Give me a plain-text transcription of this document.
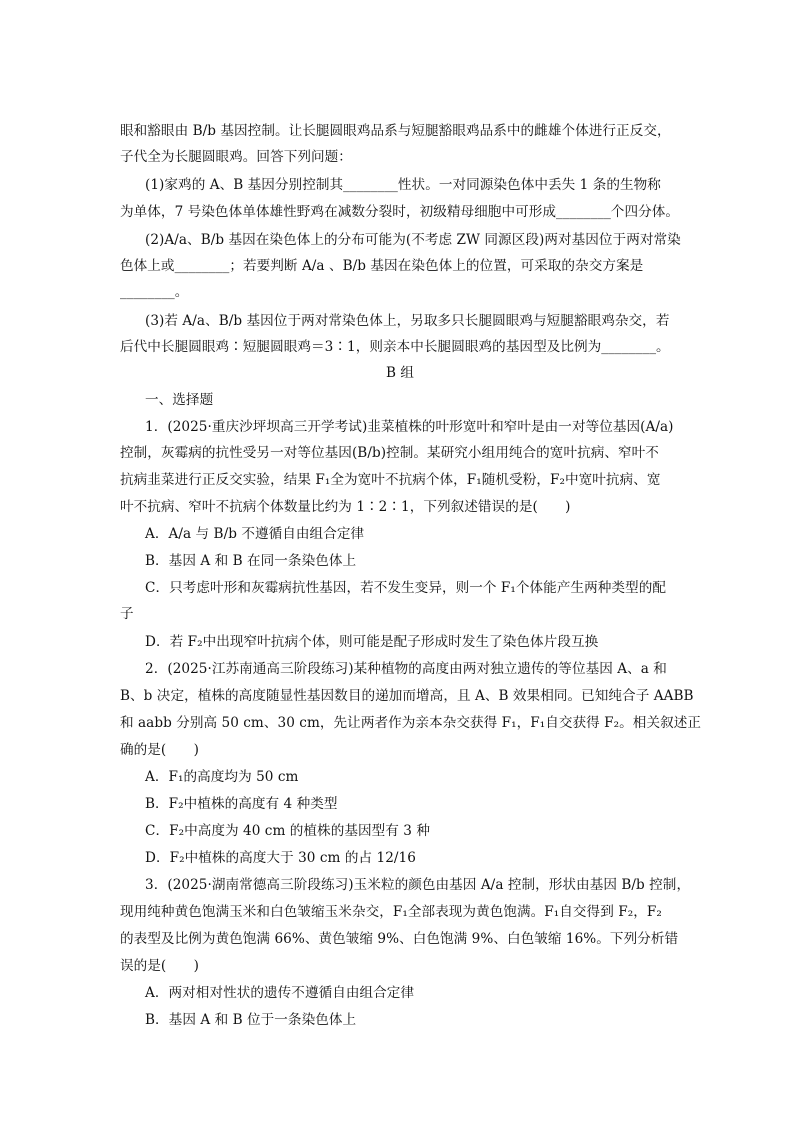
眼和豁眼由 B/b 基因控制。让长腿圆眼鸡品系与短腿豁眼鸡品系中的雌雄个体进行正反交，
子代全为长腿圆眼鸡。回答下列问题：
(1)家鸡的 A、B 基因分别控制其________性状。一对同源染色体中丢失 1 条的生物称
为单体，7 号染色体单体雄性野鸡在减数分裂时，初级精母细胞中可形成________个四分体。
(2)A/a、B/b 基因在染色体上的分布可能为(不考虑 ZW 同源区段)两对基因位于两对常染
色体上或________；若要判断 A/a 、B/b 基因在染色体上的位置，可采取的杂交方案是
________。
(3)若 A/a、B/b 基因位于两对常染色体上，另取多只长腿圆眼鸡与短腿豁眼鸡杂交，若
后代中长腿圆眼鸡∶短腿圆眼鸡＝3∶1，则亲本中长腿圆眼鸡的基因型及比例为________。
B 组
一、选择题
1．(2025·重庆沙坪坝高三开学考试)韭菜植株的叶形宽叶和窄叶是由一对等位基因(A/a)
控制，灰霉病的抗性受另一对等位基因(B/b)控制。某研究小组用纯合的宽叶抗病、窄叶不
抗病韭菜进行正反交实验，结果 F₁全为宽叶不抗病个体，F₁随机受粉，F₂中宽叶抗病、宽
叶不抗病、窄叶不抗病个体数量比约为 1∶2∶1，下列叙述错误的是(　　)
A．A/a 与 B/b 不遵循自由组合定律
B．基因 A 和 B 在同一条染色体上
C．只考虑叶形和灰霉病抗性基因，若不发生变异，则一个 F₁个体能产生两种类型的配
子
D．若 F₂中出现窄叶抗病个体，则可能是配子形成时发生了染色体片段互换
2．(2025·江苏南通高三阶段练习)某种植物的高度由两对独立遗传的等位基因 A、a 和
B、b 决定，植株的高度随显性基因数目的递加而增高，且 A、B 效果相同。已知纯合子 AABB
和 aabb 分别高 50 cm、30 cm，先让两者作为亲本杂交获得 F₁，F₁自交获得 F₂。相关叙述正
确的是(　　)
A．F₁的高度均为 50 cm
B．F₂中植株的高度有 4 种类型
C．F₂中高度为 40 cm 的植株的基因型有 3 种
D．F₂中植株的高度大于 30 cm 的占 12/16
3．(2025·湖南常德高三阶段练习)玉米粒的颜色由基因 A/a 控制，形状由基因 B/b 控制，
现用纯种黄色饱满玉米和白色皱缩玉米杂交，F₁全部表现为黄色饱满。F₁自交得到 F₂，F₂
的表型及比例为黄色饱满 66%、黄色皱缩 9%、白色饱满 9%、白色皱缩 16%。下列分析错
误的是(　　)
A．两对相对性状的遗传不遵循自由组合定律
B．基因 A 和 B 位于一条染色体上
